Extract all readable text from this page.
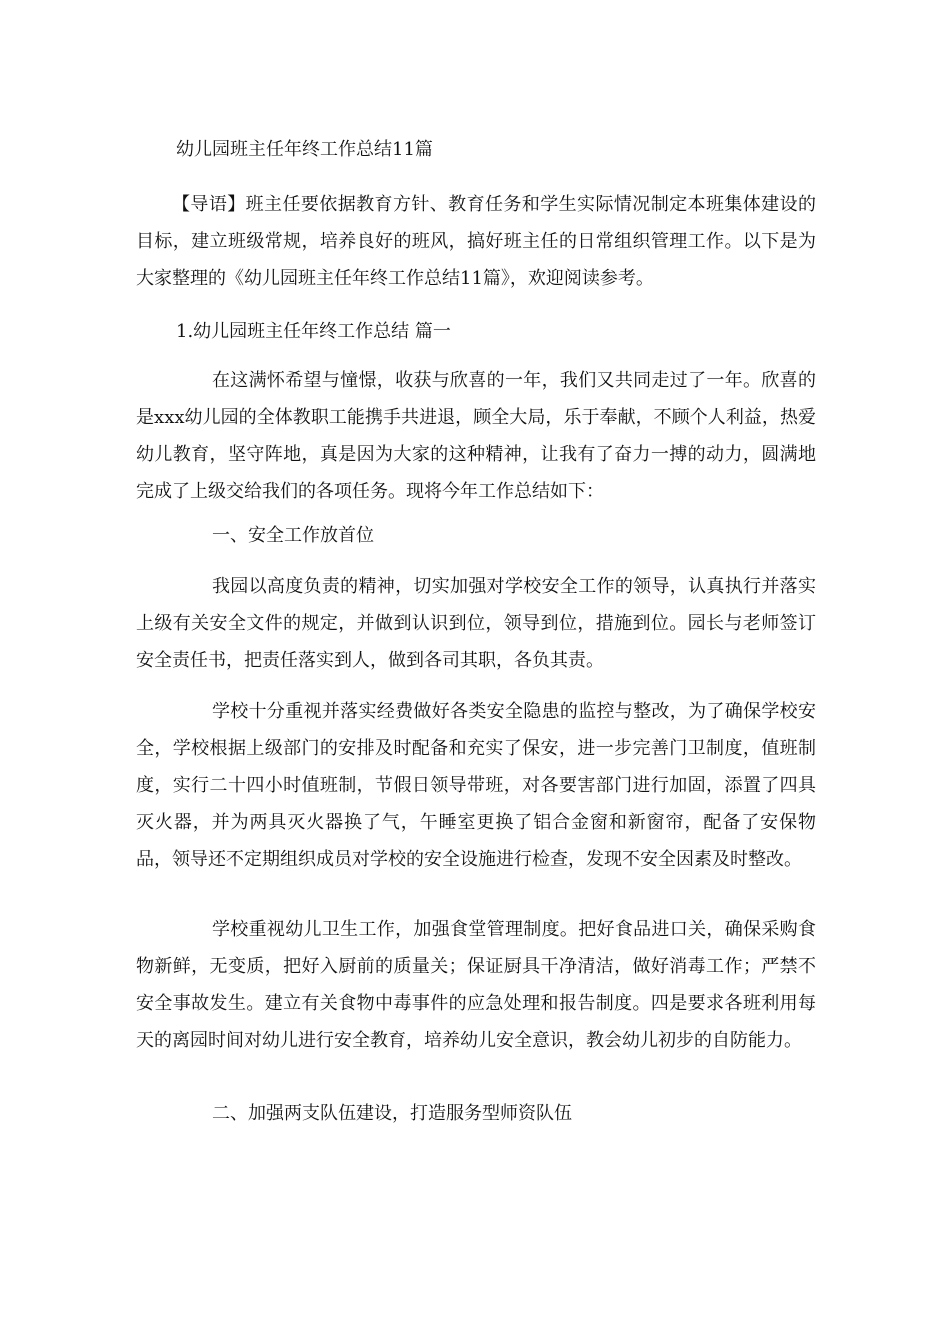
幼儿园班主任年终工作总结11篇

【导语】班主任要依据教育方针、教育任务和学生实际情况制定本班集体建设的目标，建立班级常规，培养良好的班风，搞好班主任的日常组织管理工作。以下是为大家整理的《幼儿园班主任年终工作总结11篇》，欢迎阅读参考。

1.幼儿园班主任年终工作总结 篇一

在这满怀希望与憧憬，收获与欣喜的一年，我们又共同走过了一年。欣喜的是xxx幼儿园的全体教职工能携手共进退，顾全大局，乐于奉献，不顾个人利益，热爱幼儿教育，坚守阵地，真是因为大家的这种精神，让我有了奋力一搏的动力，圆满地完成了上级交给我们的各项任务。现将今年工作总结如下：

一、安全工作放首位

我园以高度负责的精神，切实加强对学校安全工作的领导，认真执行并落实上级有关安全文件的规定，并做到认识到位，领导到位，措施到位。园长与老师签订安全责任书，把责任落实到人，做到各司其职，各负其责。

学校十分重视并落实经费做好各类安全隐患的监控与整改，为了确保学校安全，学校根据上级部门的安排及时配备和充实了保安，进一步完善门卫制度，值班制度，实行二十四小时值班制，节假日领导带班，对各要害部门进行加固，添置了四具灭火器，并为两具灭火器换了气，午睡室更换了铝合金窗和新窗帘，配备了安保物品，领导还不定期组织成员对学校的安全设施进行检查，发现不安全因素及时整改。

学校重视幼儿卫生工作，加强食堂管理制度。把好食品进口关，确保采购食物新鲜，无变质，把好入厨前的质量关；保证厨具干净清洁，做好消毒工作；严禁不安全事故发生。建立有关食物中毒事件的应急处理和报告制度。四是要求各班利用每天的离园时间对幼儿进行安全教育，培养幼儿安全意识，教会幼儿初步的自防能力。

二、加强两支队伍建设，打造服务型师资队伍
